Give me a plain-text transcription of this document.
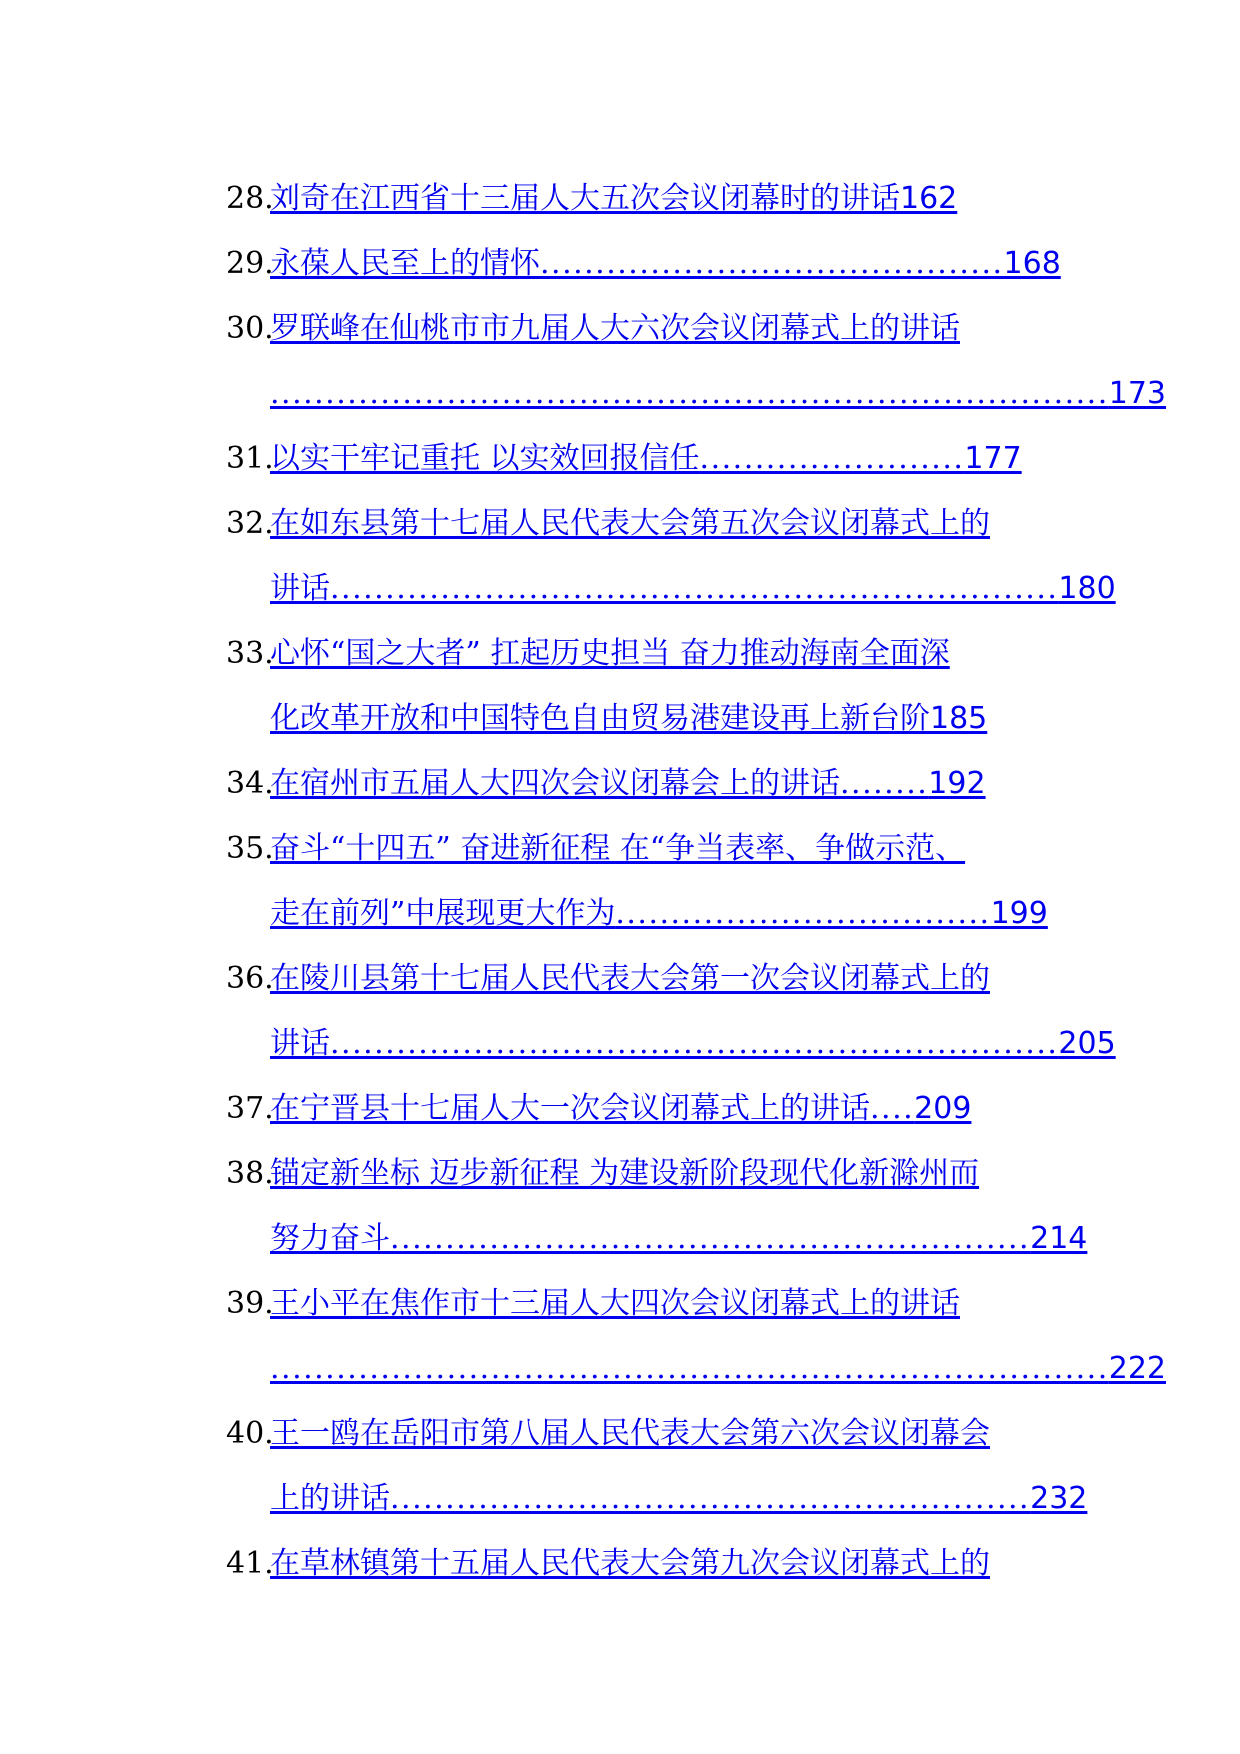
28.刘奇在江西省十三届人大五次会议闭幕时的讲话162
29.永葆人民至上的情怀..........................................168
30.罗联峰在仙桃市市九届人大六次会议闭幕式上的讲话
............................................................................173
31.以实干牢记重托 以实效回报信任........................177
32.在如东县第十七届人民代表大会第五次会议闭幕式上的
讲话..................................................................180
33.心怀“国之大者” 扛起历史担当 奋力推动海南全面深
化改革开放和中国特色自由贸易港建设再上新台阶185
34.在宿州市五届人大四次会议闭幕会上的讲话........192
35.奋斗“十四五” 奋进新征程 在“争当表率、争做示范、
走在前列”中展现更大作为..................................199
36.在陵川县第十七届人民代表大会第一次会议闭幕式上的
讲话..................................................................205
37.在宁晋县十七届人大一次会议闭幕式上的讲话....209
38.锚定新坐标 迈步新征程 为建设新阶段现代化新滁州而
努力奋斗..........................................................214
39.王小平在焦作市十三届人大四次会议闭幕式上的讲话
............................................................................222
40.王一鸥在岳阳市第八届人民代表大会第六次会议闭幕会
上的讲话..........................................................232
41.在草林镇第十五届人民代表大会第九次会议闭幕式上的
